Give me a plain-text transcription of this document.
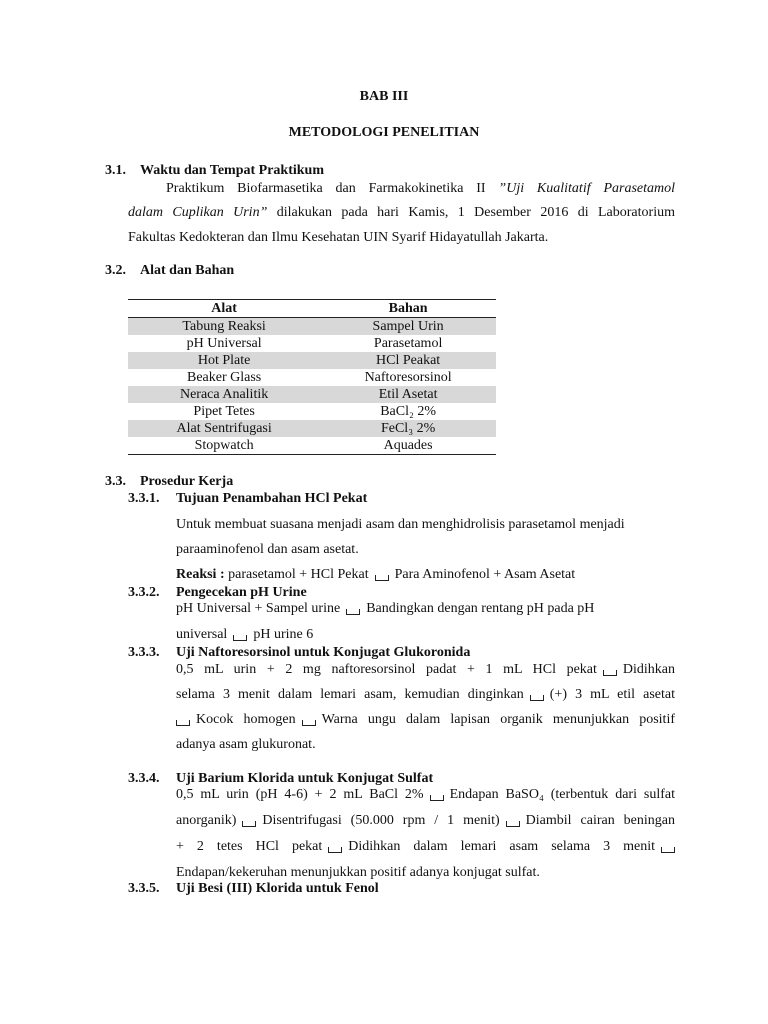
BAB III
METODOLOGI PENELITIAN
3.1. Waktu dan Tempat Praktikum
Praktikum Biofarmasetika dan Farmakokinetika II ”Uji Kualitatif Parasetamol
dalam Cuplikan Urin” dilakukan pada hari Kamis, 1 Desember 2016 di Laboratorium
Fakultas Kedokteran dan Ilmu Kesehatan UIN Syarif Hidayatullah Jakarta.
3.2. Alat dan Bahan
Alat	Bahan
Tabung Reaksi	Sampel Urin
pH Universal	Parasetamol
Hot Plate	HCl Peakat
Beaker Glass	Naftoresorsinol
Neraca Analitik	Etil Asetat
Pipet Tetes	BaCl₂ 2%
Alat Sentrifugasi	FeCl₃ 2%
Stopwatch	Aquades
3.3. Prosedur Kerja
3.3.1. Tujuan Penambahan HCl Pekat
Untuk membuat suasana menjadi asam dan menghidrolisis parasetamol menjadi
paraaminofenol dan asam asetat.
Reaksi : parasetamol + HCl Pekat Para Aminofenol + Asam Asetat
3.3.2. Pengecekan pH Urine
pH Universal + Sampel urine Bandingkan dengan rentang pH pada pH
universal pH urine 6
3.3.3. Uji Naftoresorsinol untuk Konjugat Glukoronida
0,5 mL urin + 2 mg naftoresorsinol padat + 1 mL HCl pekat Didihkan
selama 3 menit dalam lemari asam, kemudian dinginkan (+) 3 mL etil asetat
Kocok homogen Warna ungu dalam lapisan organik menunjukkan positif
adanya asam glukuronat.
3.3.4. Uji Barium Klorida untuk Konjugat Sulfat
0,5 mL urin (pH 4-6) + 2 mL BaCl 2% Endapan BaSO₄ (terbentuk dari sulfat
anorganik) Disentrifugasi (50.000 rpm / 1 menit) Diambil cairan beningan
+ 2 tetes HCl pekat Didihkan dalam lemari asam selama 3 menit
Endapan/kekeruhan menunjukkan positif adanya konjugat sulfat.
3.3.5. Uji Besi (III) Klorida untuk Fenol
